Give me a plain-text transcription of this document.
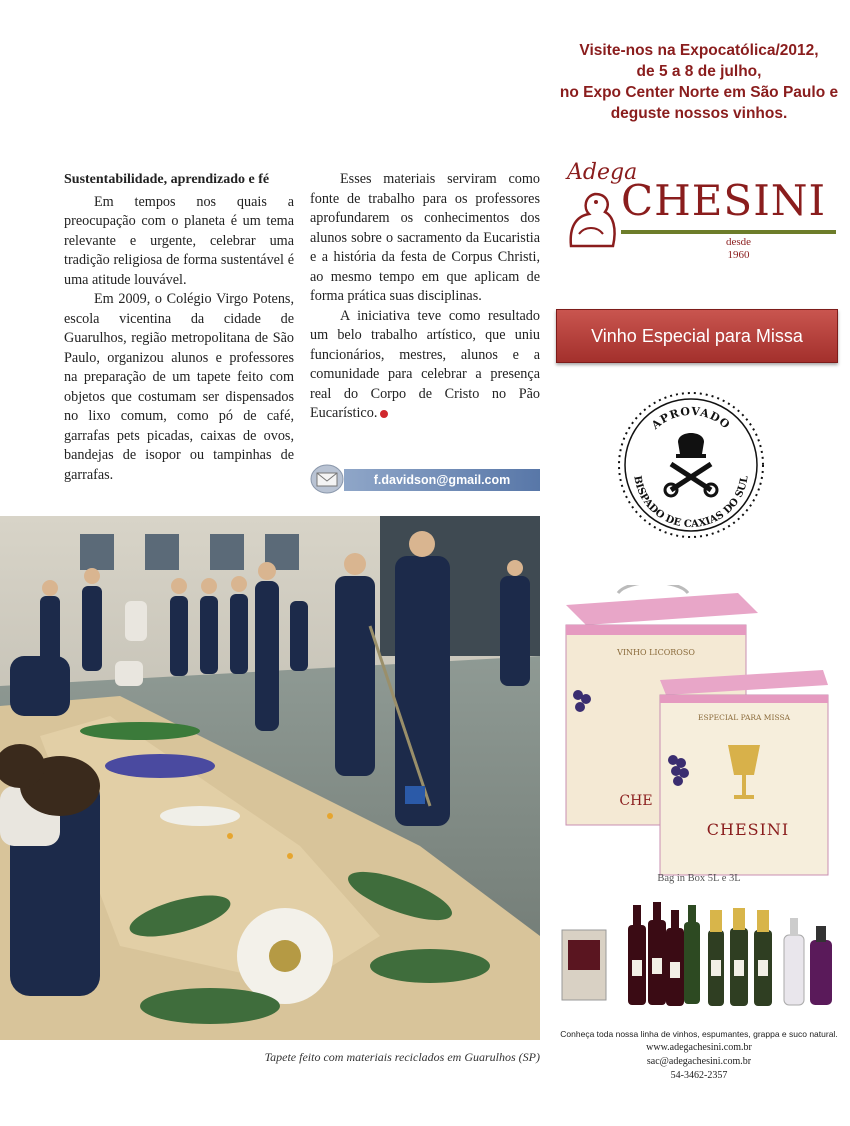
Sustentabilidade, aprendizado e fé

Em tempos nos quais a preocupação com o planeta é um tema relevante e urgente, celebrar uma tradição religiosa de forma sustentável é uma atitude louvável.

Em 2009, o Colégio Virgo Potens, escola vicentina da cidade de Guarulhos, região metropolitana de São Paulo, organizou alunos e professores na preparação de um tapete feito com objetos que costumam ser dispensados no lixo comum, como pó de café, garrafas pets picadas, caixas de ovos, bandejas de isopor ou tampinhas de garrafas.

Esses materiais serviram como fonte de trabalho para os professores aprofundarem os conhecimentos dos alunos sobre o sacramento da Eucaristia e a história da festa de Corpus Christi, ao mesmo tempo em que aplicam de forma prática suas disciplinas.

A iniciativa teve como resultado um belo trabalho artístico, que uniu funcionários, mestres, alunos e a comunidade para celebrar a presença real do Corpo de Cristo no Pão Eucarístico.

f.davidson@gmail.com
Tapete feito com materiais reciclados em Guarulhos (SP)
Visite-nos na Expocatólica/2012,
de 5 a 8 de julho,
no Expo Center Norte em São Paulo e
deguste nossos vinhos.
Adega
CHESINI
desde
1960
Vinho Especial para Missa
APROVADO
BISPADO DE CAXIAS DO SUL
VINHO LICOROSO
ESPECIAL PARA MISSA
CHESINI
CHE
Bag in Box 5L e 3L
Conheça toda nossa linha de vinhos, espumantes, grappa e suco natural.
www.adegachesini.com.br
sac@adegachesini.com.br
54-3462-2357
